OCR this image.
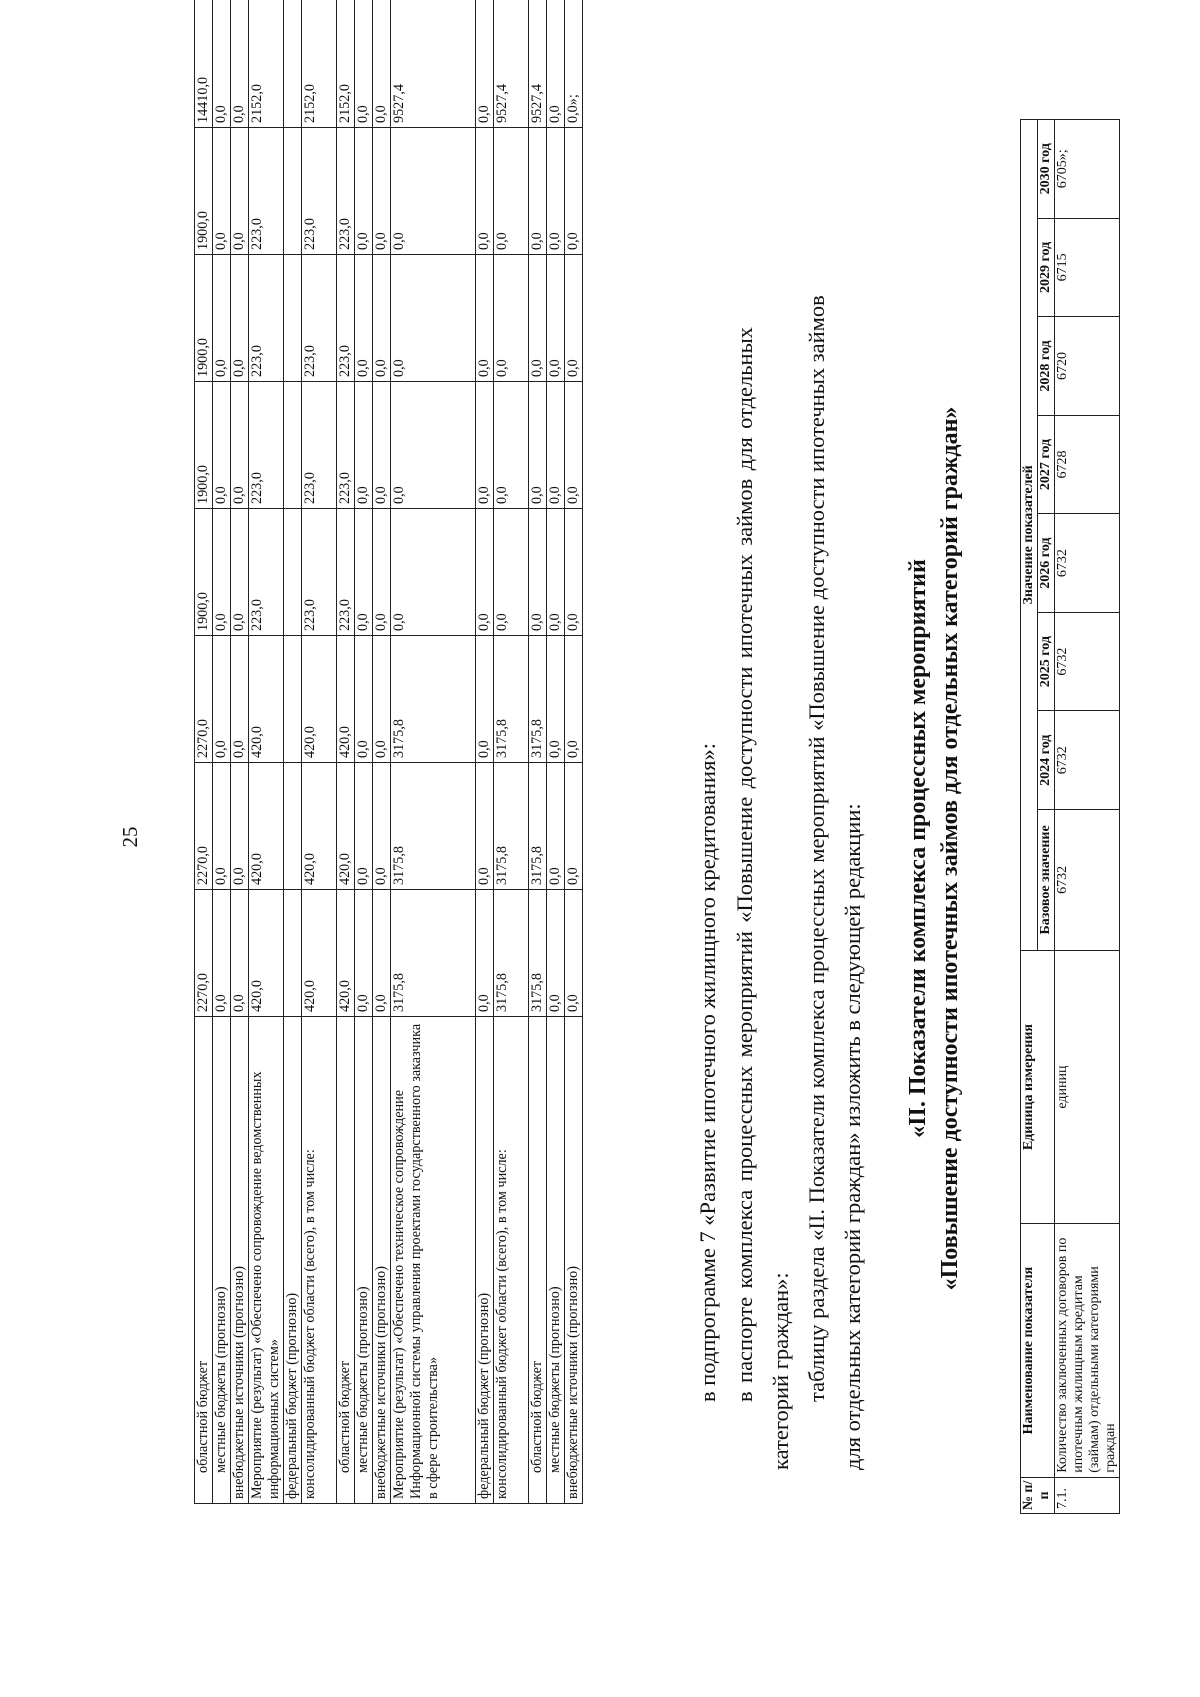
25
областной бюджет	2270,0	2270,0	2270,0	1900,0	1900,0	1900,0	1900,0	14410,0
местные бюджеты (прогнозно)	0,0	0,0	0,0	0,0	0,0	0,0	0,0	0,0
внебюджетные источники (прогнозно)	0,0	0,0	0,0	0,0	0,0	0,0	0,0	0,0
Мероприятие (результат) «Обеспечено сопровождение ведомственных информационных систем»	420,0	420,0	420,0	223,0	223,0	223,0	223,0	2152,0
федеральный бюджет (прогнозно)								
консолидированный бюджет области (всего), в том числе:	420,0	420,0	420,0	223,0	223,0	223,0	223,0	2152,0
областной бюджет	420,0	420,0	420,0	223,0	223,0	223,0	223,0	2152,0
местные бюджеты (прогнозно)	0,0	0,0	0,0	0,0	0,0	0,0	0,0	0,0
внебюджетные источники (прогнозно)	0,0	0,0	0,0	0,0	0,0	0,0	0,0	0,0
Мероприятие (результат) «Обеспечено техническое сопровождение Информационной системы управления проектами государственного заказчика в сфере строительства»	3175,8	3175,8	3175,8	0,0	0,0	0,0	0,0	9527,4
федеральный бюджет (прогнозно)	0,0	0,0	0,0	0,0	0,0	0,0	0,0	0,0
консолидированный бюджет области (всего), в том числе:	3175,8	3175,8	3175,8	0,0	0,0	0,0	0,0	9527,4
областной бюджет	3175,8	3175,8	3175,8	0,0	0,0	0,0	0,0	9527,4
местные бюджеты (прогнозно)	0,0	0,0	0,0	0,0	0,0	0,0	0,0	0,0
внебюджетные источники (прогнозно)	0,0	0,0	0,0	0,0	0,0	0,0	0,0	0,0»;
в подпрограмме 7 «Развитие ипотечного жилищного кредитования»: в
паспорте
комплекса
процессных
мероприятий
«Повышение
доступности
ипотечных
займов
для
отдельных
категорий граждан»: таблицу раздела «II. Показатели комплекса процессных мероприятий «Повышение доступности ипотечных займов для отдельных категорий граждан» изложить в следующей редакции: «II. Показатели комплекса процессных мероприятий «Повышение доступности ипотечных займов для отдельных категорий граждан»
№ п/п	Наименование показателя	Единица измерения	Значение показателей							
			Базовое значение	2024 год	2025 год	2026 год	2027 год	2028 год	2029 год	2030 год
7.1.	Количество заключенных договоров по ипотечным жилищным кредитам (займам) отдельными категориями граждан	единиц	6732	6732	6732	6732	6728	6720	6715	6705»;
